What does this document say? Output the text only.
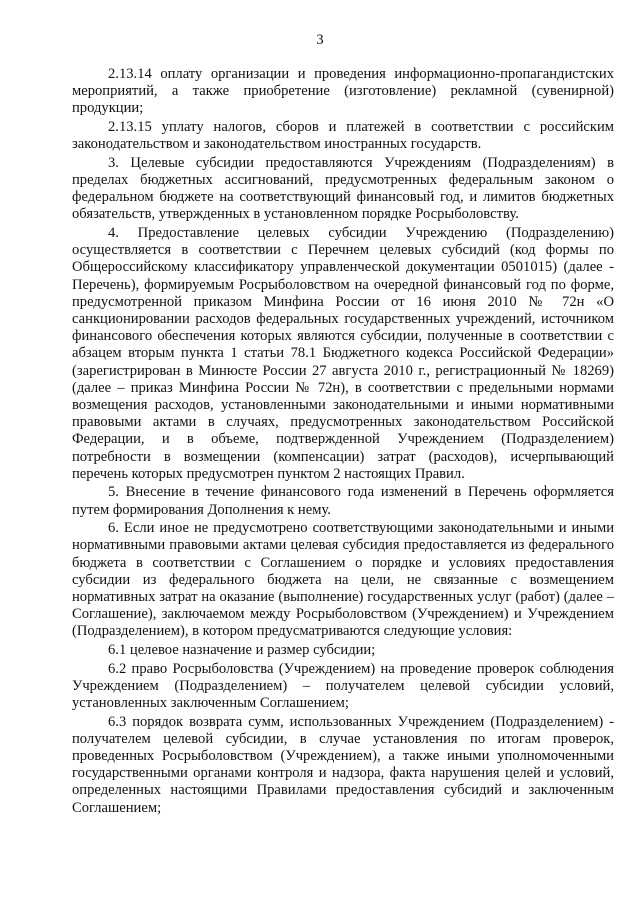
3

2.13.14 оплату организации и проведения информационно-пропагандистских мероприятий, а также приобретение (изготовление) рекламной (сувенирной) продукции;

2.13.15 уплату налогов, сборов и платежей в соответствии с российским законодательством и законодательством иностранных государств.

3. Целевые субсидии предоставляются Учреждениям (Подразделениям) в пределах бюджетных ассигнований, предусмотренных федеральным законом о федеральном бюджете на соответствующий финансовый год, и лимитов бюджетных обязательств, утвержденных в установленном порядке Росрыболовству.

4. Предоставление целевых субсидии Учреждению (Подразделению) осуществляется в соответствии с Перечнем целевых субсидий (код формы по Общероссийскому классификатору управленческой документации 0501015) (далее - Перечень), формируемым Росрыболовством на очередной финансовый год по форме, предусмотренной приказом Минфина России от 16 июня 2010 № 72н «О санкционировании расходов федеральных государственных учреждений, источником финансового обеспечения которых являются субсидии, полученные в соответствии с абзацем вторым пункта 1 статьи 78.1 Бюджетного кодекса Российской Федерации» (зарегистрирован в Минюсте России 27 августа 2010 г., регистрационный № 18269) (далее – приказ Минфина России № 72н), в соответствии с предельными нормами возмещения расходов, установленными законодательными и иными нормативными правовыми актами в случаях, предусмотренных законодательством Российской Федерации, и в объеме, подтвержденной Учреждением (Подразделением) потребности в возмещении (компенсации) затрат (расходов), исчерпывающий перечень которых предусмотрен пунктом 2 настоящих Правил.

5. Внесение в течение финансового года изменений в Перечень оформляется путем формирования Дополнения к нему.

6. Если иное не предусмотрено соответствующими законодательными и иными нормативными правовыми актами целевая субсидия предоставляется из федерального бюджета в соответствии с Соглашением о порядке и условиях предоставления субсидии из федерального бюджета на цели, не связанные с возмещением нормативных затрат на оказание (выполнение) государственных услуг (работ) (далее – Соглашение), заключаемом между Росрыболовством (Учреждением) и Учреждением (Подразделением), в котором предусматриваются следующие условия:

6.1 целевое назначение и размер субсидии;

6.2 право Росрыболовства (Учреждением) на проведение проверок соблюдения Учреждением (Подразделением) – получателем целевой субсидии условий, установленных заключенным Соглашением;

6.3 порядок возврата сумм, использованных Учреждением (Подразделением) - получателем целевой субсидии, в случае установления по итогам проверок, проведенных Росрыболовством (Учреждением), а также иными уполномоченными государственными органами контроля и надзора, факта нарушения целей и условий, определенных настоящими Правилами предоставления субсидий и заключенным Соглашением;
